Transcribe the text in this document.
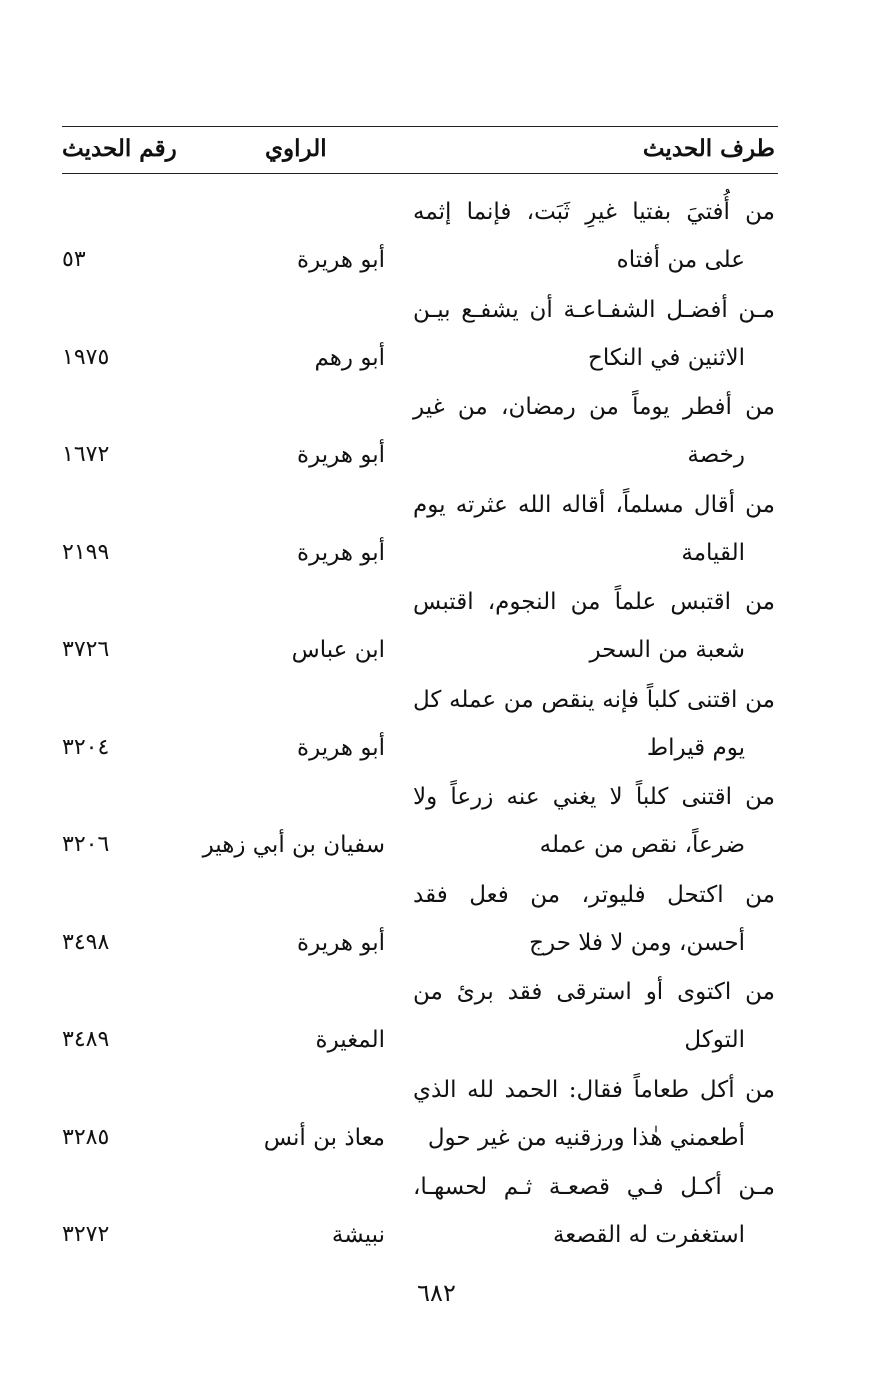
طرف الحديث
الراوي
رقم الحديث
من أُفتيَ بفتيا غيرِ ثَبَت، فإنما إثمه
على من أفتاه
أبو هريرة
٥٣
مـن أفضـل الشفـاعـة أن يشفـع بيـن
الاثنين في النكاح
أبو رهم
١٩٧٥
من أفطر يوماً من رمضان، من غير
رخصة
أبو هريرة
١٦٧٢
من أقال مسلماً، أقاله الله عثرته يوم
القيامة
أبو هريرة
٢١٩٩
من اقتبس علماً من النجوم، اقتبس
شعبة من السحر
ابن عباس
٣٧٢٦
من اقتنى كلباً فإنه ينقص من عمله كل
يوم قيراط
أبو هريرة
٣٢٠٤
من اقتنى كلباً لا يغني عنه زرعاً ولا
ضرعاً، نقص من عمله
سفيان بن أبي زهير
٣٢٠٦
من اكتحل فليوتر، من فعل فقد
أحسن، ومن لا فلا حرج
أبو هريرة
٣٤٩٨
من اكتوى أو استرقى فقد برئ من
التوكل
المغيرة
٣٤٨٩
من أكل طعاماً فقال: الحمد لله الذي
أطعمني هٰذا ورزقنيه من غير حول
معاذ بن أنس
٣٢٨٥
مـن أكـل فـي قصعـة ثـم لحسهـا،
استغفرت له القصعة
نبيشة
٣٢٧٢
٦٨٢
